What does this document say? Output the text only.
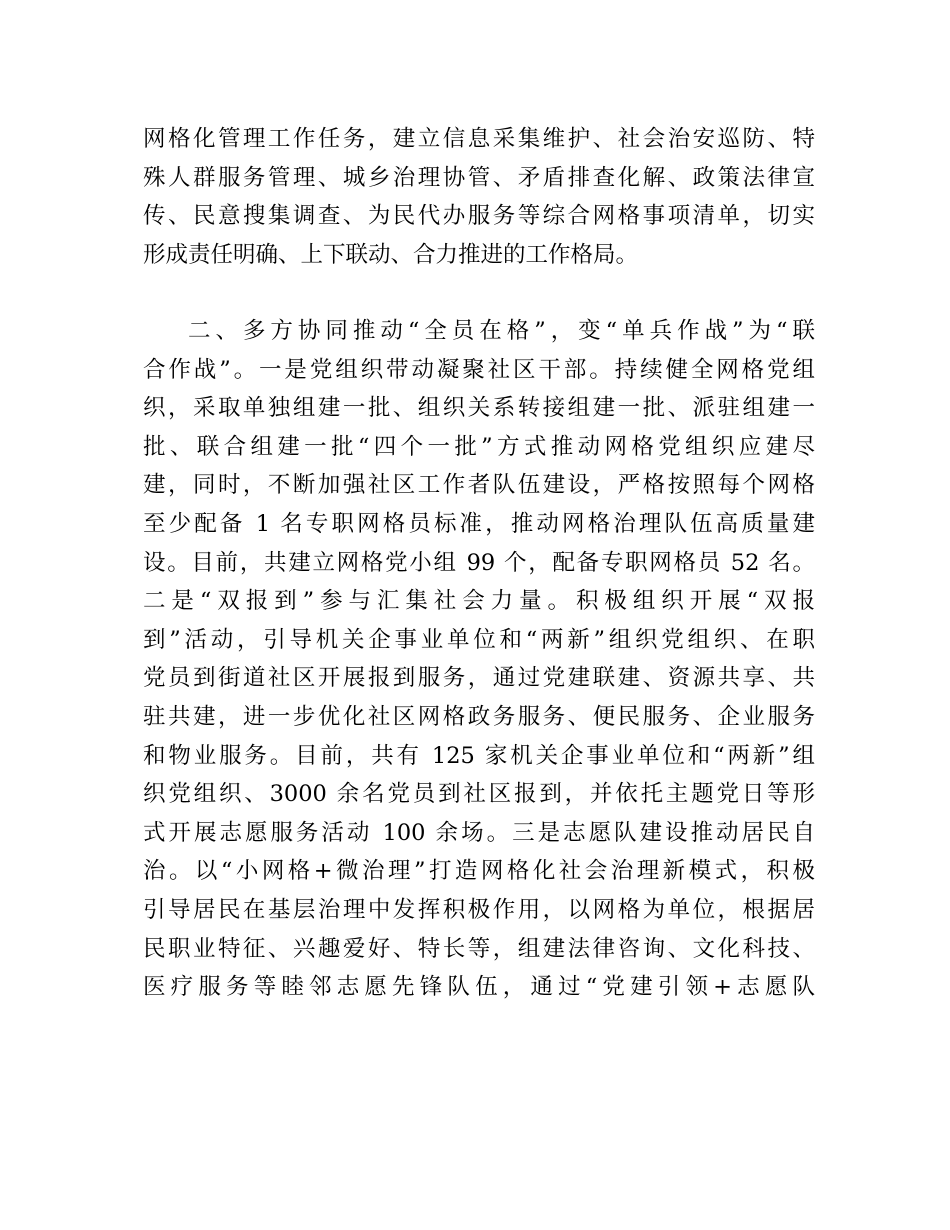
网格化管理工作任务，建立信息采集维护、社会治安巡防、特
殊人群服务管理、城乡治理协管、矛盾排查化解、政策法律宣
传、民意搜集调查、为民代办服务等综合网格事项清单，切实
形成责任明确、上下联动、合力推进的工作格局。
二、多方协同推动“全员在格”，变“单兵作战”为“联
合作战”。一是党组织带动凝聚社区干部。持续健全网格党组
织，采取单独组建一批、组织关系转接组建一批、派驻组建一
批、联合组建一批“四个一批”方式推动网格党组织应建尽
建，同时，不断加强社区工作者队伍建设，严格按照每个网格
至少配备 1 名专职网格员标准，推动网格治理队伍高质量建
设。目前，共建立网格党小组 99 个，配备专职网格员 52 名。
二是“双报到”参与汇集社会力量。积极组织开展“双报
到”活动，引导机关企事业单位和“两新”组织党组织、在职
党员到街道社区开展报到服务，通过党建联建、资源共享、共
驻共建，进一步优化社区网格政务服务、便民服务、企业服务
和物业服务。目前，共有 125 家机关企事业单位和“两新”组
织党组织、3000 余名党员到社区报到，并依托主题党日等形
式开展志愿服务活动 100 余场。三是志愿队建设推动居民自
治。以“小网格+微治理”打造网格化社会治理新模式，积极
引导居民在基层治理中发挥积极作用，以网格为单位，根据居
民职业特征、兴趣爱好、特长等，组建法律咨询、文化科技、
医疗服务等睦邻志愿先锋队伍，通过“党建引领+志愿队
